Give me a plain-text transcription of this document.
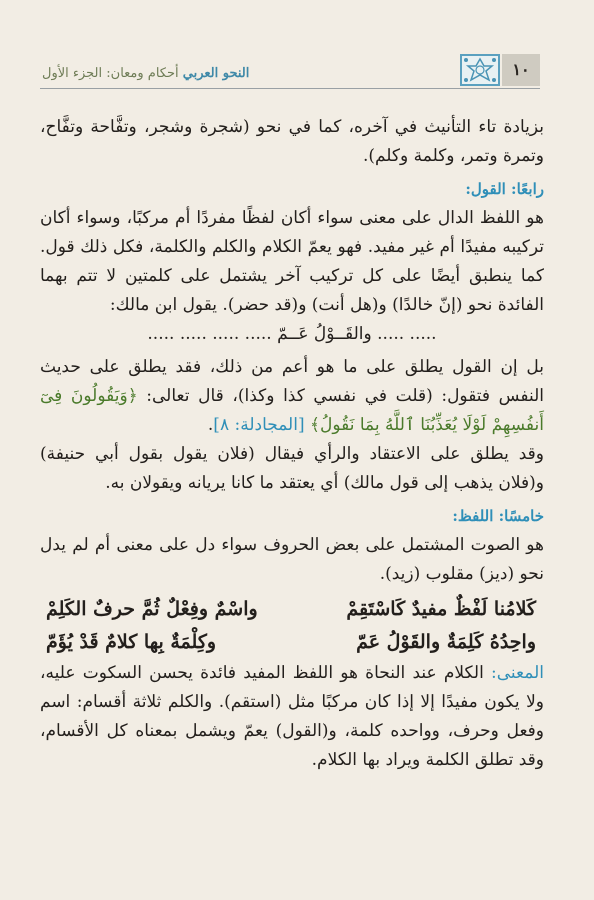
النحو العربي أحكام ومعان: الجزء الأول	١٠

بزيادة تاء التأنيث في آخره، كما في نحو (شجرة وشجر، وتفَّاحة وتفَّاح، وتمرة وتمر، وكلمة وكلم).

رابعًا: القول:

هو اللفظ الدال على معنى سواء أكان لفظًا مفردًا أم مركبًا، وسواء أكان تركيبه مفيدًا أم غير مفيد. فهو يعمّ الكلام والكلم والكلمة، فكل ذلك قول. كما ينطبق أيضًا على كل تركيب آخر يشتمل على كلمتين لا تتم بهما الفائدة نحو (إنّ خالدًا) و(هل أنت) و(قد حضر). يقول ابن مالك:

..... ..... والقَــوْلُ عَــمّ ..... ..... ..... .....

بل إن القول يطلق على ما هو أعم من ذلك، فقد يطلق على حديث النفس فتقول: (قلت في نفسي كذا وكذا)، قال تعالى: ﴿وَيَقُولُونَ فِىٓ أَنفُسِهِمْ لَوْلَا يُعَذِّبُنَا ٱللَّهُ بِمَا نَقُولُ﴾ [المجادلة: ٨].

وقد يطلق على الاعتقاد والرأي فيقال (فلان يقول بقول أبي حنيفة) و(فلان يذهب إلى قول مالك) أي يعتقد ما كانا يريانه ويقولان به.

خامسًا: اللفظ:

هو الصوت المشتمل على بعض الحروف سواء دل على معنى أم لم يدل نحو (ديز) مقلوب (زيد).

كَلامُنا لَفْظٌ مفيدٌ كَاسْتَقِمْ
واسْمٌ وفِعْلٌ ثُمَّ حرفٌ الكَلِمْ
واحِدُهُ كَلِمَةٌ والقَوْلُ عَمّ
وكِلْمَةٌ بِها كلامٌ قَدْ يُؤَمّ

المعنى: الكلام عند النحاة هو اللفظ المفيد فائدة يحسن السكوت عليه، ولا يكون مفيدًا إلا إذا كان مركبًا مثل (استقم). والكلم ثلاثة أقسام: اسم وفعل وحرف، وواحده كلمة، و(القول) يعمّ ويشمل بمعناه كل الأقسام، وقد تطلق الكلمة ويراد بها الكلام.
